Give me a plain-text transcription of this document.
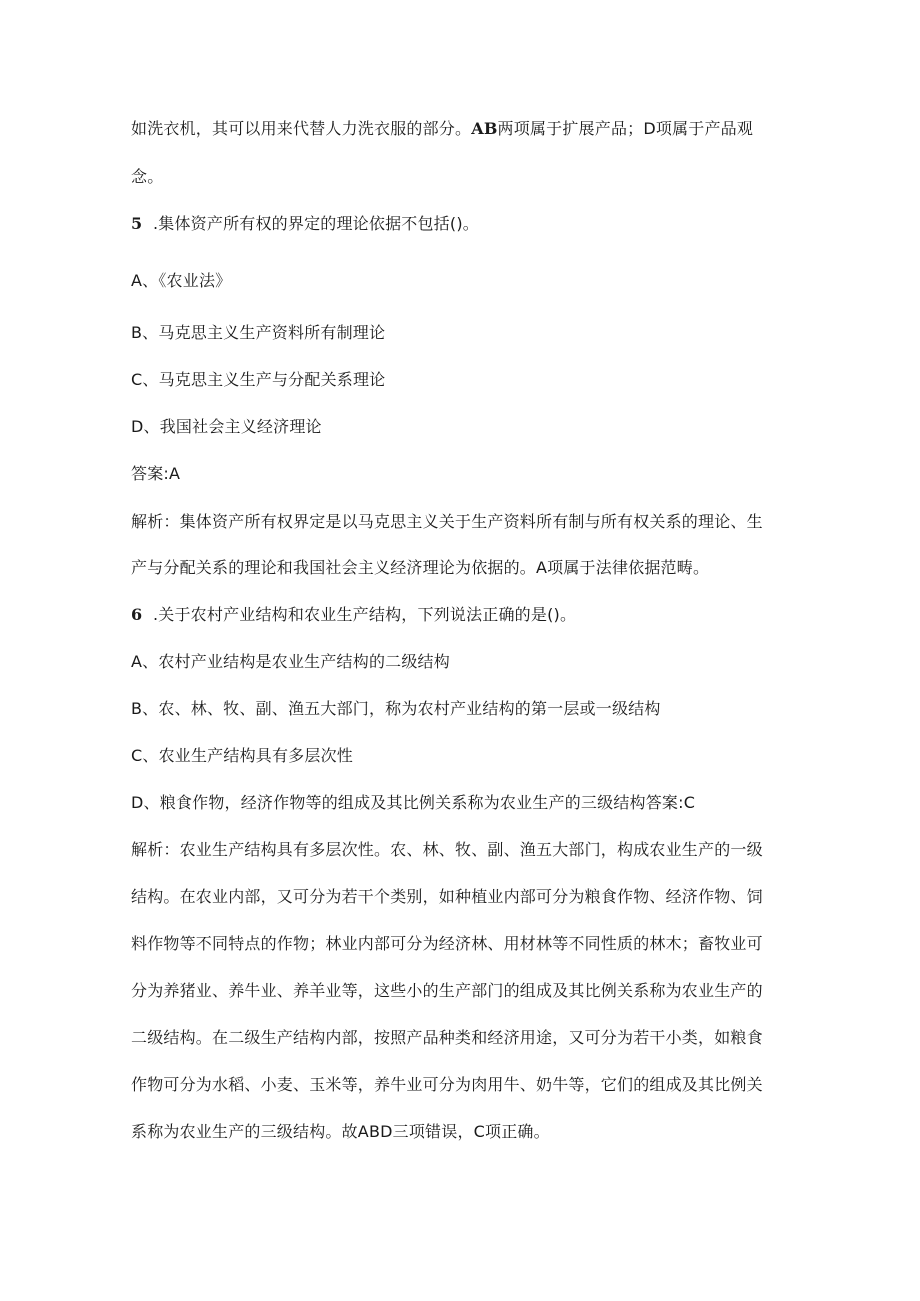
如洗衣机，其可以用来代替人力洗衣服的部分。AB两项属于扩展产品；D项属于产品观
念。
5 .集体资产所有权的界定的理论依据不包括()。
A、《农业法》
B、马克思主义生产资料所有制理论
C、马克思主义生产与分配关系理论
D、我国社会主义经济理论
答案:A
解析：集体资产所有权界定是以马克思主义关于生产资料所有制与所有权关系的理论、生
产与分配关系的理论和我国社会主义经济理论为依据的。A项属于法律依据范畴。
6 .关于农村产业结构和农业生产结构，下列说法正确的是()。
A、农村产业结构是农业生产结构的二级结构
B、农、林、牧、副、渔五大部门，称为农村产业结构的第一层或一级结构
C、农业生产结构具有多层次性
D、粮食作物，经济作物等的组成及其比例关系称为农业生产的三级结构答案:C
解析：农业生产结构具有多层次性。农、林、牧、副、渔五大部门，构成农业生产的一级
结构。在农业内部，又可分为若干个类别，如种植业内部可分为粮食作物、经济作物、饲
料作物等不同特点的作物；林业内部可分为经济林、用材林等不同性质的林木；畜牧业可
分为养猪业、养牛业、养羊业等，这些小的生产部门的组成及其比例关系称为农业生产的
二级结构。在二级生产结构内部，按照产品种类和经济用途，又可分为若干小类，如粮食
作物可分为水稻、小麦、玉米等，养牛业可分为肉用牛、奶牛等，它们的组成及其比例关
系称为农业生产的三级结构。故ABD三项错误，C项正确。
